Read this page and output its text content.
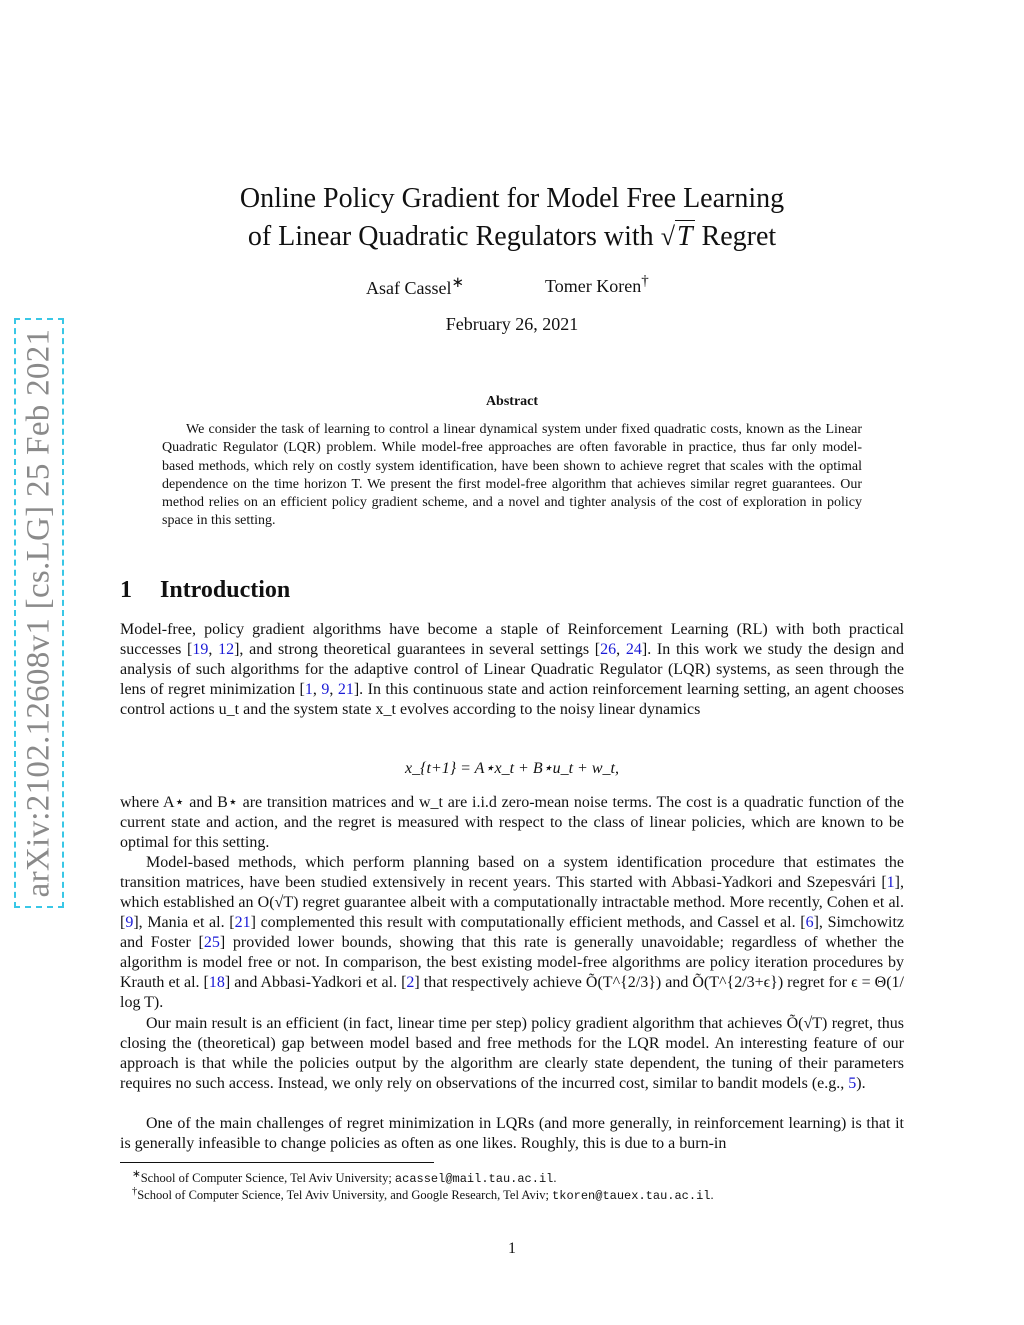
arXiv:2102.12608v1 [cs.LG] 25 Feb 2021
Online Policy Gradient for Model Free Learning
of Linear Quadratic Regulators with √T Regret
Asaf Cassel∗	Tomer Koren†
February 26, 2021
Abstract

We consider the task of learning to control a linear dynamical system under fixed quadratic costs, known as the Linear Quadratic Regulator (LQR) problem. While model-free approaches are often favorable in practice, thus far only model-based methods, which rely on costly system identification, have been shown to achieve regret that scales with the optimal dependence on the time horizon T. We present the first model-free algorithm that achieves similar regret guarantees. Our method relies on an efficient policy gradient scheme, and a novel and tighter analysis of the cost of exploration in policy space in this setting.

1 Introduction

Model-free, policy gradient algorithms have become a staple of Reinforcement Learning (RL) with both practical successes [19, 12], and strong theoretical guarantees in several settings [26, 24]. In this work we study the design and analysis of such algorithms for the adaptive control of Linear Quadratic Regulator (LQR) systems, as seen through the lens of regret minimization [1, 9, 21]. In this continuous state and action reinforcement learning setting, an agent chooses control actions u_t and the system state x_t evolves according to the noisy linear dynamics

x_{t+1} = A⋆x_t + B⋆u_t + w_t,

where A⋆ and B⋆ are transition matrices and w_t are i.i.d zero-mean noise terms. The cost is a quadratic function of the current state and action, and the regret is measured with respect to the class of linear policies, which are known to be optimal for this setting.

Model-based methods, which perform planning based on a system identification procedure that estimates the transition matrices, have been studied extensively in recent years. This started with Abbasi-Yadkori and Szepesvári [1], which established an O(√T) regret guarantee albeit with a computationally intractable method. More recently, Cohen et al. [9], Mania et al. [21] complemented this result with computationally efficient methods, and Cassel et al. [6], Simchowitz and Foster [25] provided lower bounds, showing that this rate is generally unavoidable; regardless of whether the algorithm is model free or not. In comparison, the best existing model-free algorithms are policy iteration procedures by Krauth et al. [18] and Abbasi-Yadkori et al. [2] that respectively achieve Õ(T^{2/3}) and Õ(T^{2/3+ϵ}) regret for ϵ = Θ(1/ log T).

Our main result is an efficient (in fact, linear time per step) policy gradient algorithm that achieves Õ(√T) regret, thus closing the (theoretical) gap between model based and free methods for the LQR model. An interesting feature of our approach is that while the policies output by the algorithm are clearly state dependent, the tuning of their parameters requires no such access. Instead, we only rely on observations of the incurred cost, similar to bandit models (e.g., 5).

One of the main challenges of regret minimization in LQRs (and more generally, in reinforcement learning) is that it is generally infeasible to change policies as often as one likes. Roughly, this is due to a burn-in

∗School of Computer Science, Tel Aviv University; acassel@mail.tau.ac.il.
†School of Computer Science, Tel Aviv University, and Google Research, Tel Aviv; tkoren@tauex.tau.ac.il.
1
